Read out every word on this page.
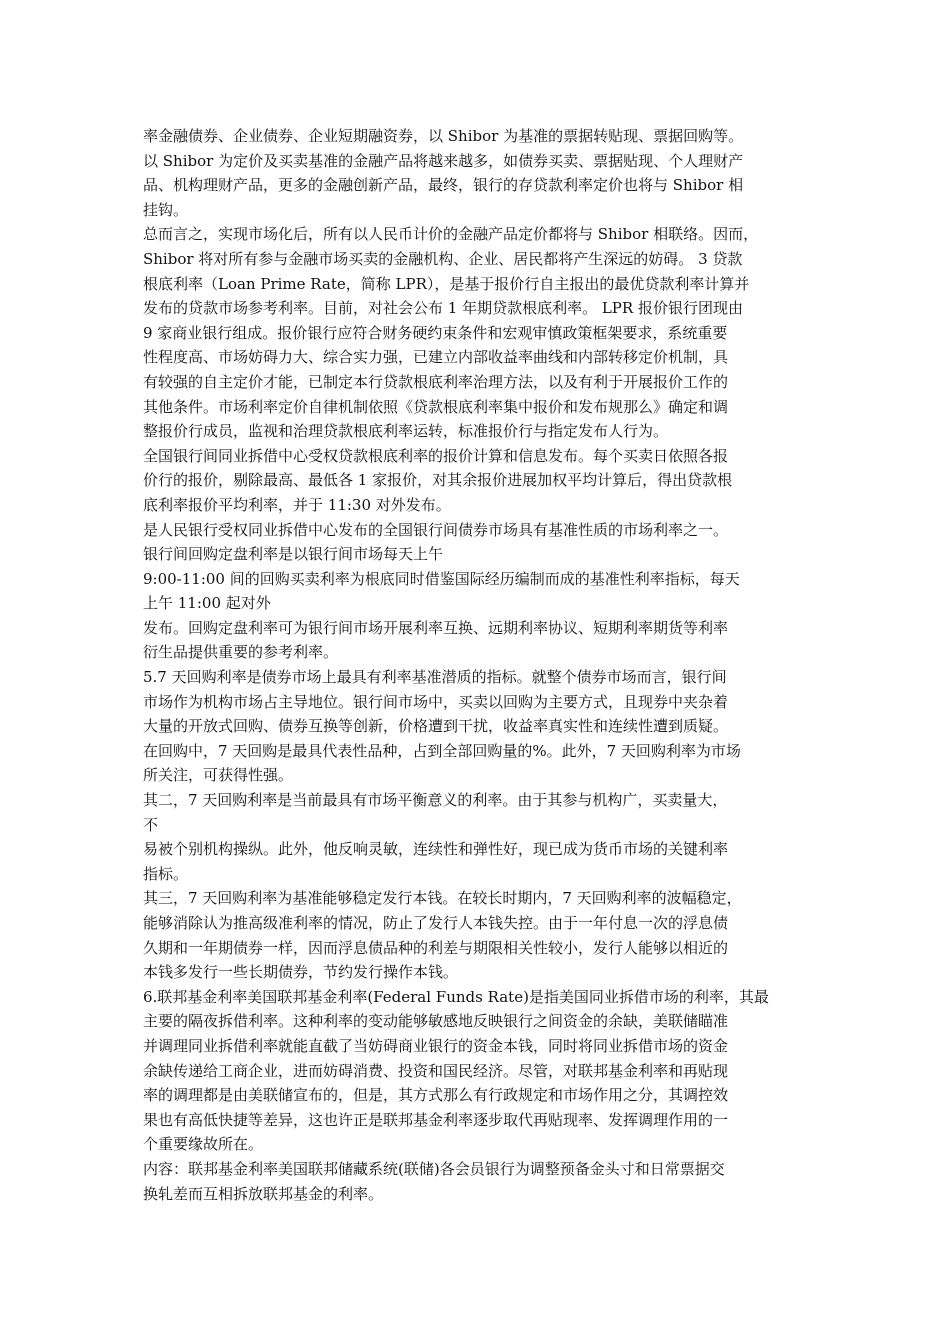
率金融债券、企业债券、企业短期融资券，以 Shibor 为基准的票据转贴现、票据回购等。
以 Shibor 为定价及买卖基准的金融产品将越来越多，如债券买卖、票据贴现、个人理财产
品、机构理财产品，更多的金融创新产品，最终，银行的存贷款利率定价也将与 Shibor 相
挂钩。
总而言之，实现市场化后，所有以人民币计价的金融产品定价都将与 Shibor 相联络。因而，
Shibor 将对所有参与金融市场买卖的金融机构、企业、居民都将产生深远的妨碍。 3 贷款
根底利率（Loan Prime Rate，简称 LPR），是基于报价行自主报出的最优贷款利率计算并
发布的贷款市场参考利率。目前，对社会公布 1 年期贷款根底利率。 LPR 报价银行团现由
9 家商业银行组成。报价银行应符合财务硬约束条件和宏观审慎政策框架要求，系统重要
性程度高、市场妨碍力大、综合实力强，已建立内部收益率曲线和内部转移定价机制，具
有较强的自主定价才能，已制定本行贷款根底利率治理方法，以及有利于开展报价工作的
其他条件。市场利率定价自律机制依照《贷款根底利率集中报价和发布规那么》确定和调
整报价行成员，监视和治理贷款根底利率运转，标准报价行与指定发布人行为。
全国银行间同业拆借中心受权贷款根底利率的报价计算和信息发布。每个买卖日依照各报
价行的报价，剔除最高、最低各 1 家报价，对其余报价进展加权平均计算后，得出贷款根
底利率报价平均利率，并于 11:30 对外发布。
是人民银行受权同业拆借中心发布的全国银行间债券市场具有基准性质的市场利率之一。
银行间回购定盘利率是以银行间市场每天上午
9:00-11:00 间的回购买卖利率为根底同时借鉴国际经历编制而成的基准性利率指标，每天
上午 11:00 起对外
发布。回购定盘利率可为银行间市场开展利率互换、远期利率协议、短期利率期货等利率
衍生品提供重要的参考利率。
5.7 天回购利率是债券市场上最具有利率基准潜质的指标。就整个债券市场而言，银行间
市场作为机构市场占主导地位。银行间市场中，买卖以回购为主要方式，且现券中夹杂着
大量的开放式回购、债券互换等创新，价格遭到干扰，收益率真实性和连续性遭到质疑。
在回购中，7 天回购是最具代表性品种，占到全部回购量的%。此外，7 天回购利率为市场
所关注，可获得性强。
其二，7 天回购利率是当前最具有市场平衡意义的利率。由于其参与机构广，买卖量大，
不
易被个别机构操纵。此外，他反响灵敏，连续性和弹性好，现已成为货币市场的关键利率
指标。
其三，7 天回购利率为基准能够稳定发行本钱。在较长时期内，7 天回购利率的波幅稳定，
能够消除认为推高级准利率的情况，防止了发行人本钱失控。由于一年付息一次的浮息债
久期和一年期债券一样，因而浮息债品种的利差与期限相关性较小，发行人能够以相近的
本钱多发行一些长期债券，节约发行操作本钱。
6.联邦基金利率美国联邦基金利率(Federal Funds Rate)是指美国同业拆借市场的利率，其最
主要的隔夜拆借利率。这种利率的变动能够敏感地反映银行之间资金的余缺，美联储瞄准
并调理同业拆借利率就能直截了当妨碍商业银行的资金本钱，同时将同业拆借市场的资金
余缺传递给工商企业，进而妨碍消费、投资和国民经济。尽管，对联邦基金利率和再贴现
率的调理都是由美联储宣布的，但是，其方式那么有行政规定和市场作用之分，其调控效
果也有高低快捷等差异，这也许正是联邦基金利率逐步取代再贴现率、发挥调理作用的一
个重要缘故所在。
内容：联邦基金利率美国联邦储藏系统(联储)各会员银行为调整预备金头寸和日常票据交
换轧差而互相拆放联邦基金的利率。
